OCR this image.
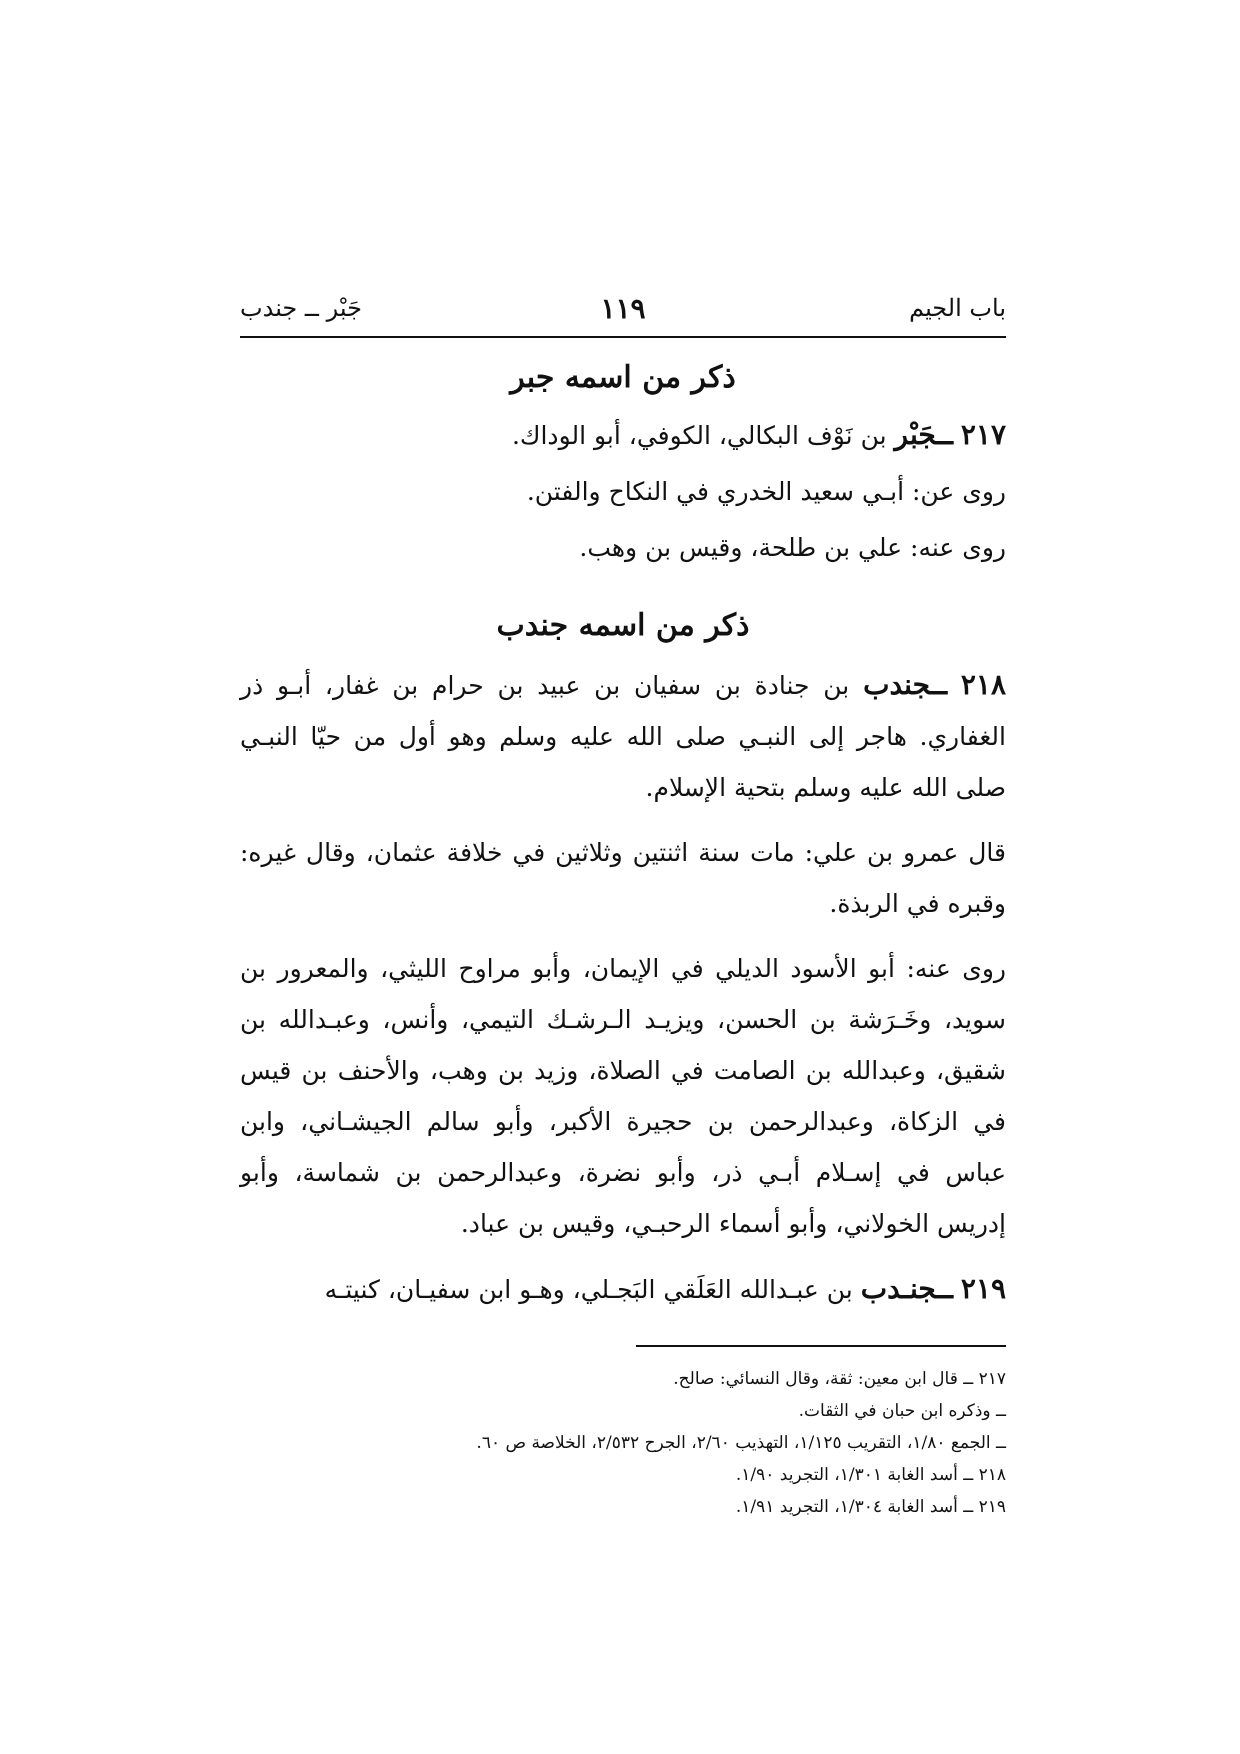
باب الجيم
١١٩
جَبْر ــ جندب
ذكر من اسمه جبر

٢١٧ ــجَبْر بن نَوْف البكالي، الكوفي، أبو الوداك.

روى عن: أبـي سعيد الخدري في النكاح والفتن.

روى عنه: علي بن طلحة، وقيس بن وهب.

ذكر من اسمه جندب

٢١٨ ــجندب بن جنادة بن سفيان بن عبيد بن حرام بن غفار، أبـو ذر الغفاري. هاجر إلى النبـي صلى الله عليه وسلم وهو أول من حيّا النبـي صلى الله عليه وسلم بتحية الإسلام.

قال عمرو بن علي: مات سنة اثنتين وثلاثين في خلافة عثمان، وقال غيره: وقبره في الربذة.

روى عنه: أبو الأسود الديلي في الإيمان، وأبو مراوح الليثي، والمعرور بن سويد، وخَـرَشة بن الحسن، ويزيـد الـرشـك التيمي، وأنس، وعبـدالله بن شقيق، وعبدالله بن الصامت في الصلاة، وزيد بن وهب، والأحنف بن قيس في الزكاة، وعبدالرحمن بن حجيرة الأكبر، وأبو سالم الجيشـاني، وابن عباس في إسـلام أبـي ذر، وأبو نضرة، وعبدالرحمن بن شماسة، وأبو إدريس الخولاني، وأبو أسماء الرحبـي، وقيس بن عباد.

٢١٩ ــجنـدب بن عبـدالله العَلَقي البَجـلي، وهـو ابن سفيـان، كنيتـه

٢١٧ ــ قال ابن معين: ثقة، وقال النسائي: صالح.

ــ وذكره ابن حبان في الثقات.

ــ الجمع ١/٨٠، التقريب ١/١٢٥، التهذيب ٢/٦٠، الجرح ٢/٥٣٢، الخلاصة ص ٦٠.

٢١٨ ــ أسد الغابة ١/٣٠١، التجريد ١/٩٠.

٢١٩ ــ أسد الغابة ١/٣٠٤، التجريد ١/٩١.
